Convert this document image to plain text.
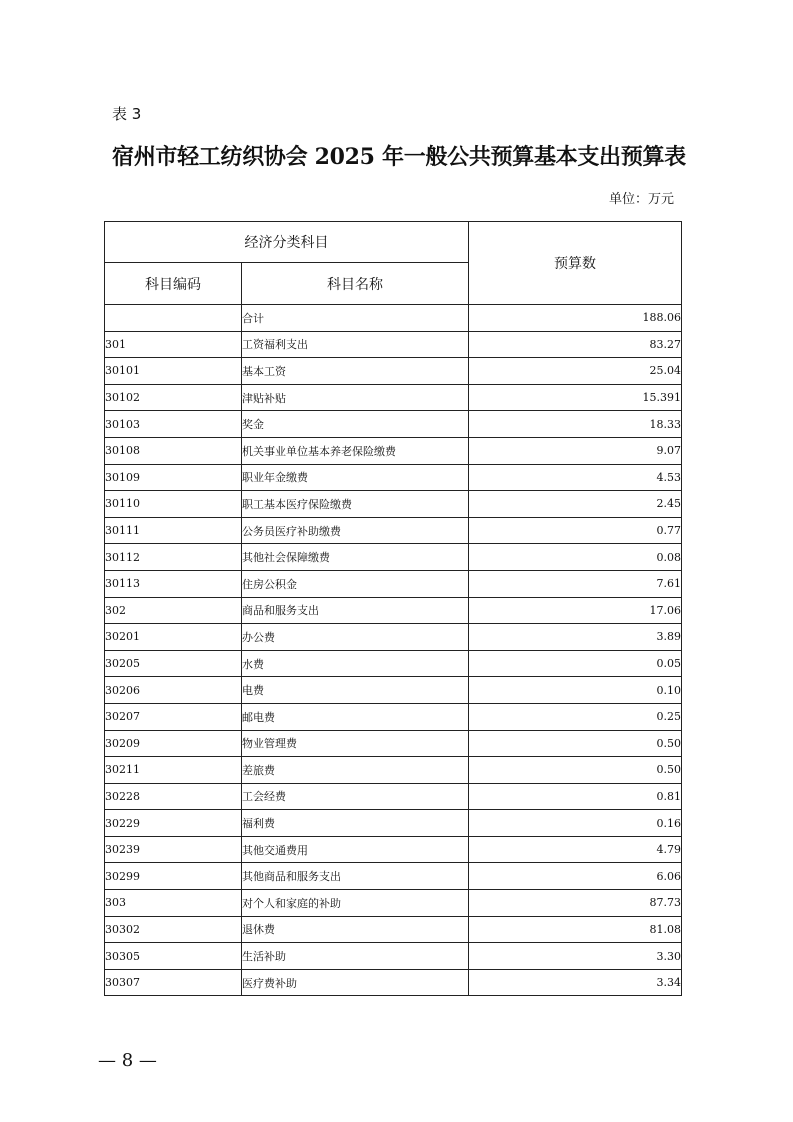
表 3
宿州市轻工纺织协会 2025 年一般公共预算基本支出预算表
单位：万元
经济分类科目		预算数
科目编码	科目名称	
	合计	188.06
301	工资福利支出	83.27
30101	基本工资	25.04
30102	津贴补贴	15.391
30103	奖金	18.33
30108	机关事业单位基本养老保险缴费	9.07
30109	职业年金缴费	4.53
30110	职工基本医疗保险缴费	2.45
30111	公务员医疗补助缴费	0.77
30112	其他社会保障缴费	0.08
30113	住房公积金	7.61
302	商品和服务支出	17.06
30201	办公费	3.89
30205	水费	0.05
30206	电费	0.10
30207	邮电费	0.25
30209	物业管理费	0.50
30211	差旅费	0.50
30228	工会经费	0.81
30229	福利费	0.16
30239	其他交通费用	4.79
30299	其他商品和服务支出	6.06
303	对个人和家庭的补助	87.73
30302	退休费	81.08
30305	生活补助	3.30
30307	医疗费补助	3.34
— 8 —
